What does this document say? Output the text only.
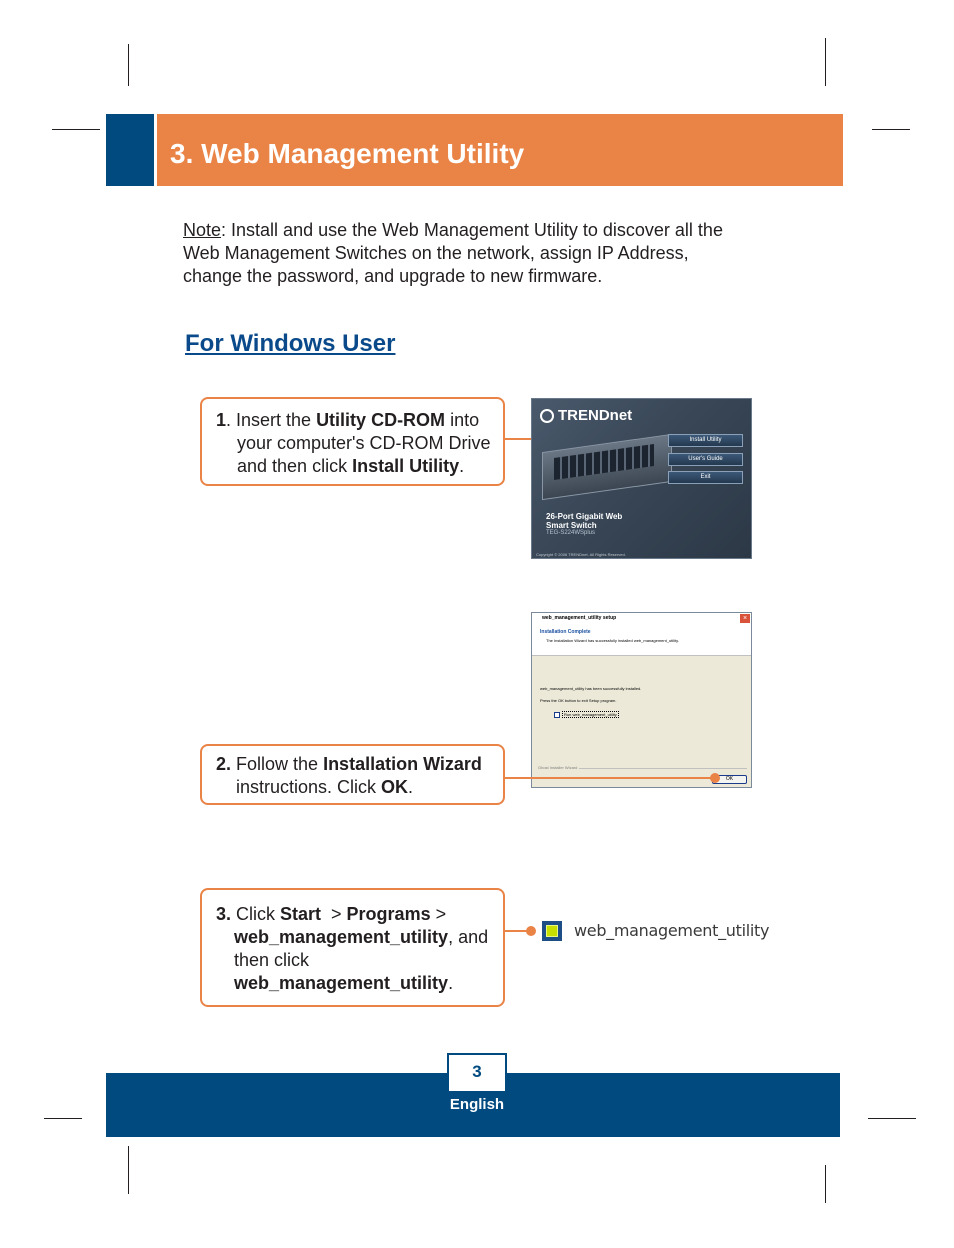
3. Web Management Utility
Note: Install and use the Web Management Utility to discover all the Web Management Switches on the network, assign IP Address, change the password, and upgrade to new firmware.
For Windows User
1. Insert the Utility CD-ROM into
your computer's CD-ROM Drive
and then click Install Utility.
TRENDnet
Install Utility
User's Guide
Exit
26-Port Gigabit Web Smart Switch
TEG-S224WSplus
Copyright © 2006 TRENDnet. All Rights Reserved.
web_management_utility setup	×
Installation Complete
The Installation Wizard has successfully installed web_management_utility.
web_management_utility has been successfully installed.
Press the OK button to exit Setup program.
Run web_management_utility
Ghost Installer Wizard
OK
2. Follow the Installation Wizard
instructions. Click OK.
3. Click Start  > Programs >
web_management_utility, and
then click
web_management_utility.
web_management_utility
3
English
